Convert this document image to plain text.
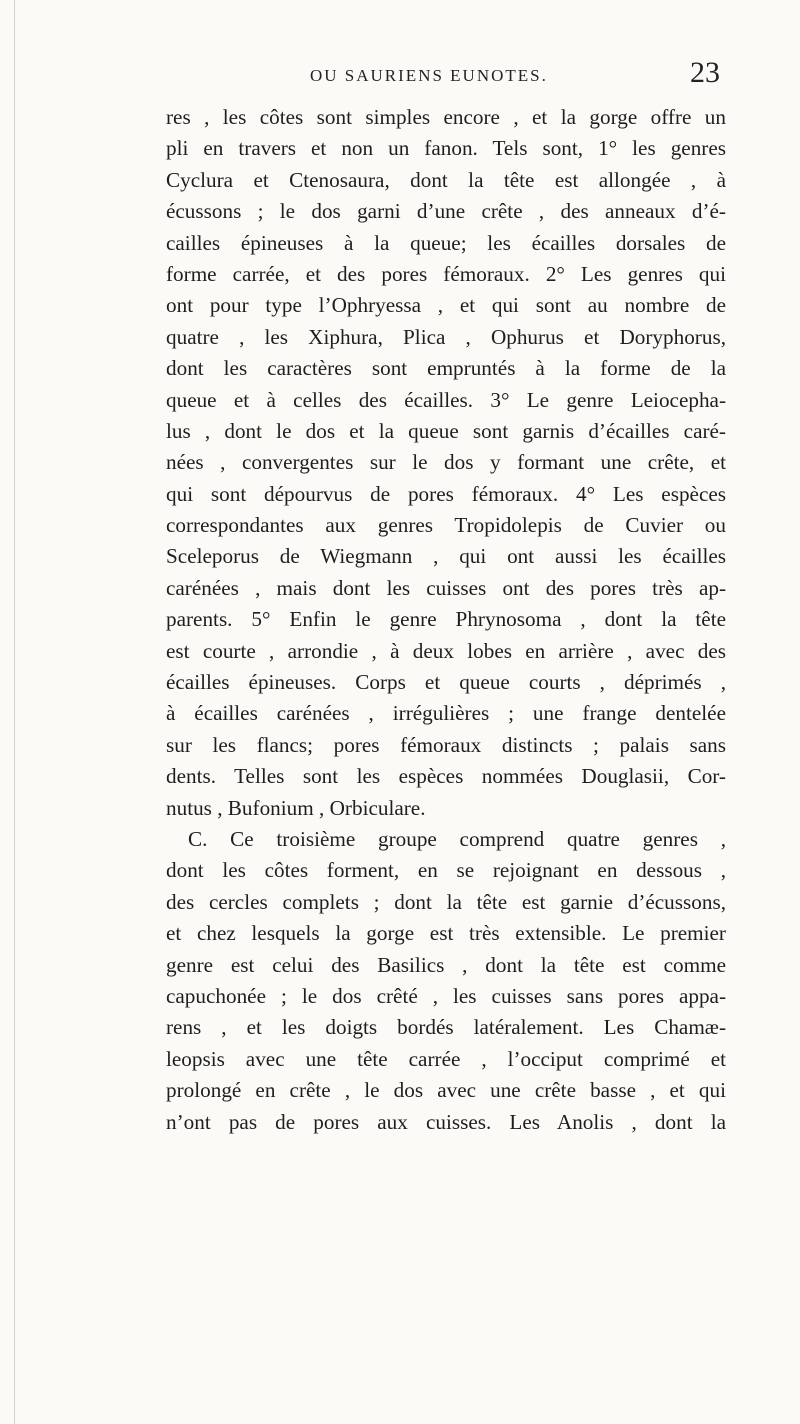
OU SAURIENS EUNOTES.	23
res , les côtes sont simples encore , et la gorge offre un
pli en travers et non un fanon. Tels sont, 1° les genres
Cyclura et Ctenosaura, dont la tête est allongée , à
écussons ; le dos garni d’une crête , des anneaux d’é-
cailles épineuses à la queue; les écailles dorsales de
forme carrée, et des pores fémoraux. 2° Les genres qui
ont pour type l’Ophryessa , et qui sont au nombre de
quatre , les Xiphura, Plica , Ophurus et Doryphorus,
dont les caractères sont empruntés à la forme de la
queue et à celles des écailles. 3° Le genre Leiocepha-
lus , dont le dos et la queue sont garnis d’écailles caré-
nées , convergentes sur le dos y formant une crête, et
qui sont dépourvus de pores fémoraux. 4° Les espèces
correspondantes aux genres Tropidolepis de Cuvier ou
Sceleporus de Wiegmann , qui ont aussi les écailles
carénées , mais dont les cuisses ont des pores très ap-
parents. 5° Enfin le genre Phrynosoma , dont la tête
est courte , arrondie , à deux lobes en arrière , avec des
écailles épineuses. Corps et queue courts , déprimés ,
à écailles carénées , irrégulières ; une frange dentelée
sur les flancs; pores fémoraux distincts ; palais sans
dents. Telles sont les espèces nommées Douglasii, Cor-
nutus , Bufonium , Orbiculare.
C. Ce troisième groupe comprend quatre genres ,
dont les côtes forment, en se rejoignant en dessous ,
des cercles complets ; dont la tête est garnie d’écussons,
et chez lesquels la gorge est très extensible. Le premier
genre est celui des Basilics , dont la tête est comme
capuchonée ; le dos crêté , les cuisses sans pores appa-
rens , et les doigts bordés latéralement. Les Chamæ-
leopsis avec une tête carrée , l’occiput comprimé et
prolongé en crête , le dos avec une crête basse , et qui
n’ont pas de pores aux cuisses. Les Anolis , dont la
